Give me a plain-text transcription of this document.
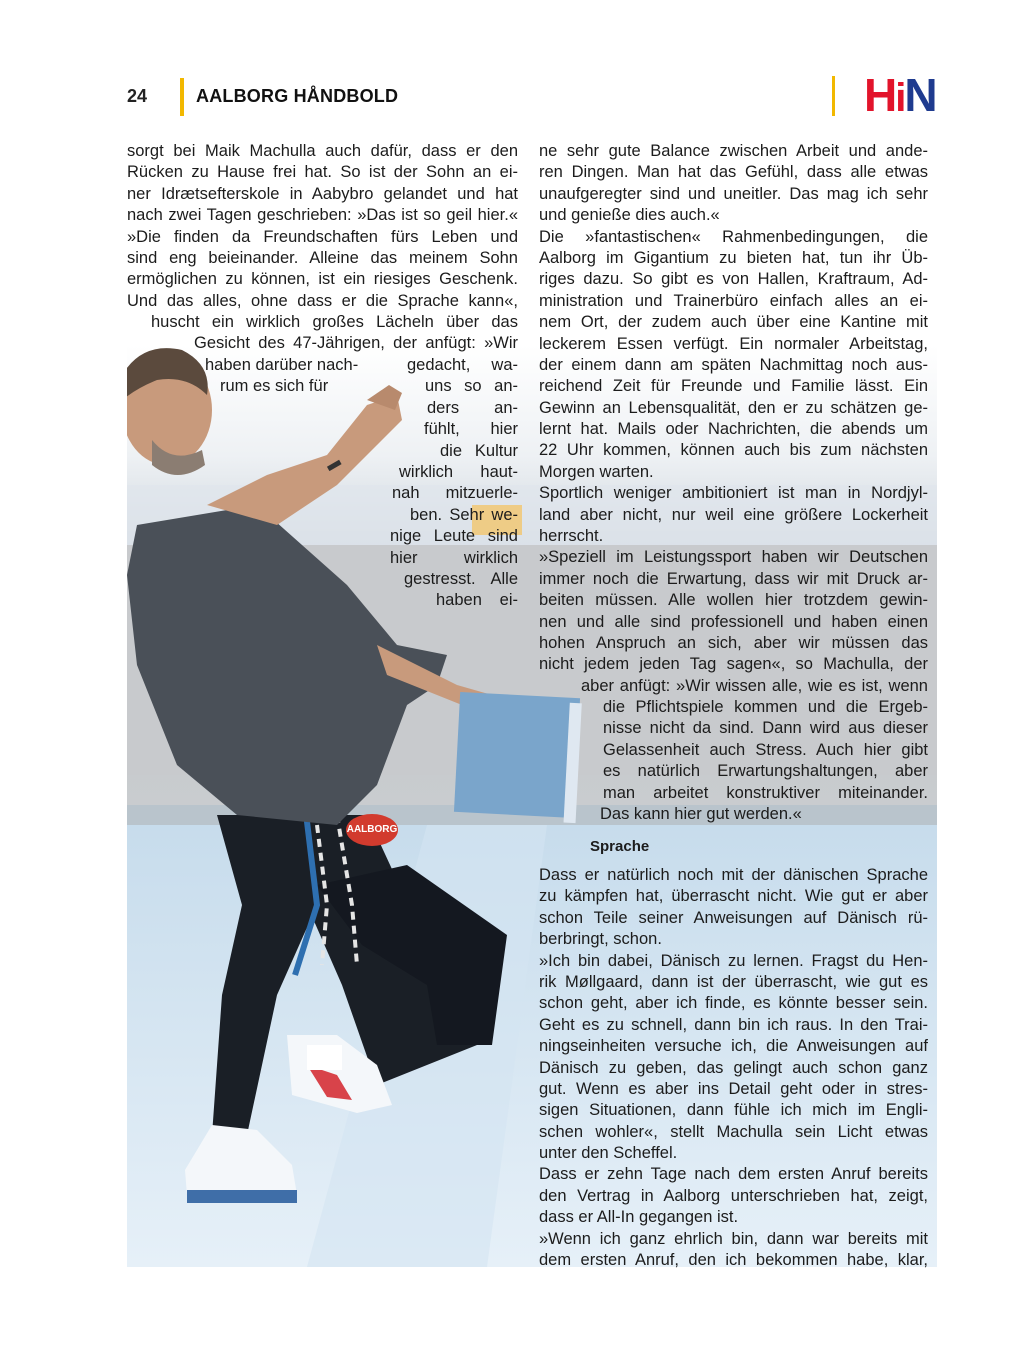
24	AALBORG HÅNDBOLD	HiN
AALBORG
sorgt bei Maik Machulla auch dafür, dass er den
Rücken zu Hause frei hat. So ist der Sohn an ei-
ner Idrætsefterskole in Aabybro gelandet und hat
nach zwei Tagen geschrieben: »Das ist so geil hier.«
»Die finden da Freundschaften fürs Leben und
sind eng beieinander. Alleine das meinem Sohn
ermöglichen zu können, ist ein riesiges Geschenk.
Und das alles, ohne dass er die Sprache kann«,
huscht ein wirklich großes Lächeln über das
Gesicht des 47-Jährigen, der anfügt: »Wir
haben darüber nach-
rum es sich für
gedacht, wa-
uns so an-
ders an-
fühlt, hier
die Kultur
wirklich haut-
nah mitzuerle-
ben. Sehr we-
nige Leute sind
hier wirklich
gestresst. Alle
haben ei-
ne sehr gute Balance zwischen Arbeit und ande-
ren Dingen. Man hat das Gefühl, dass alle etwas
unaufgeregter sind und uneitler. Das mag ich sehr
und genieße dies auch.«
Die »fantastischen« Rahmenbedingungen, die
Aalborg im Gigantium zu bieten hat, tun ihr Üb-
riges dazu. So gibt es von Hallen, Kraftraum, Ad-
ministration und Trainerbüro einfach alles an ei-
nem Ort, der zudem auch über eine Kantine mit
leckerem Essen verfügt. Ein normaler Arbeitstag,
der einem dann am späten Nachmittag noch aus-
reichend Zeit für Freunde und Familie lässt. Ein
Gewinn an Lebensqualität, den er zu schätzen ge-
lernt hat. Mails oder Nachrichten, die abends um
22 Uhr kommen, können auch bis zum nächsten
Morgen warten.
Sportlich weniger ambitioniert ist man in Nordjyl-
land aber nicht, nur weil eine größere Lockerheit
herrscht.
»Speziell im Leistungssport haben wir Deutschen
immer noch die Erwartung, dass wir mit Druck ar-
beiten müssen. Alle wollen hier trotzdem gewin-
nen und alle sind professionell und haben einen
hohen Anspruch an sich, aber wir müssen das
nicht jedem jeden Tag sagen«, so Machulla, der
aber anfügt: »Wir wissen alle, wie es ist, wenn
die Pflichtspiele kommen und die Ergeb-
nisse nicht da sind. Dann wird aus dieser
Gelassenheit auch Stress. Auch hier gibt
es natürlich Erwartungshaltungen, aber
man arbeitet konstruktiver miteinander.
Das kann hier gut werden.«
Sprache
Dass er natürlich noch mit der dänischen Sprache
zu kämpfen hat, überrascht nicht. Wie gut er aber
schon Teile seiner Anweisungen auf Dänisch rü-
berbringt, schon.
»Ich bin dabei, Dänisch zu lernen. Fragst du Hen-
rik Møllgaard, dann ist der überrascht, wie gut es
schon geht, aber ich finde, es könnte besser sein.
Geht es zu schnell, dann bin ich raus. In den Trai-
ningseinheiten versuche ich, die Anweisungen auf
Dänisch zu geben, das gelingt auch schon ganz
gut. Wenn es aber ins Detail geht oder in stres-
sigen Situationen, dann fühle ich mich im Engli-
schen wohler«, stellt Machulla sein Licht etwas
unter den Scheffel.
Dass er zehn Tage nach dem ersten Anruf bereits
den Vertrag in Aalborg unterschrieben hat, zeigt,
dass er All-In gegangen ist.
»Wenn ich ganz ehrlich bin, dann war bereits mit
dem ersten Anruf, den ich bekommen habe, klar,
